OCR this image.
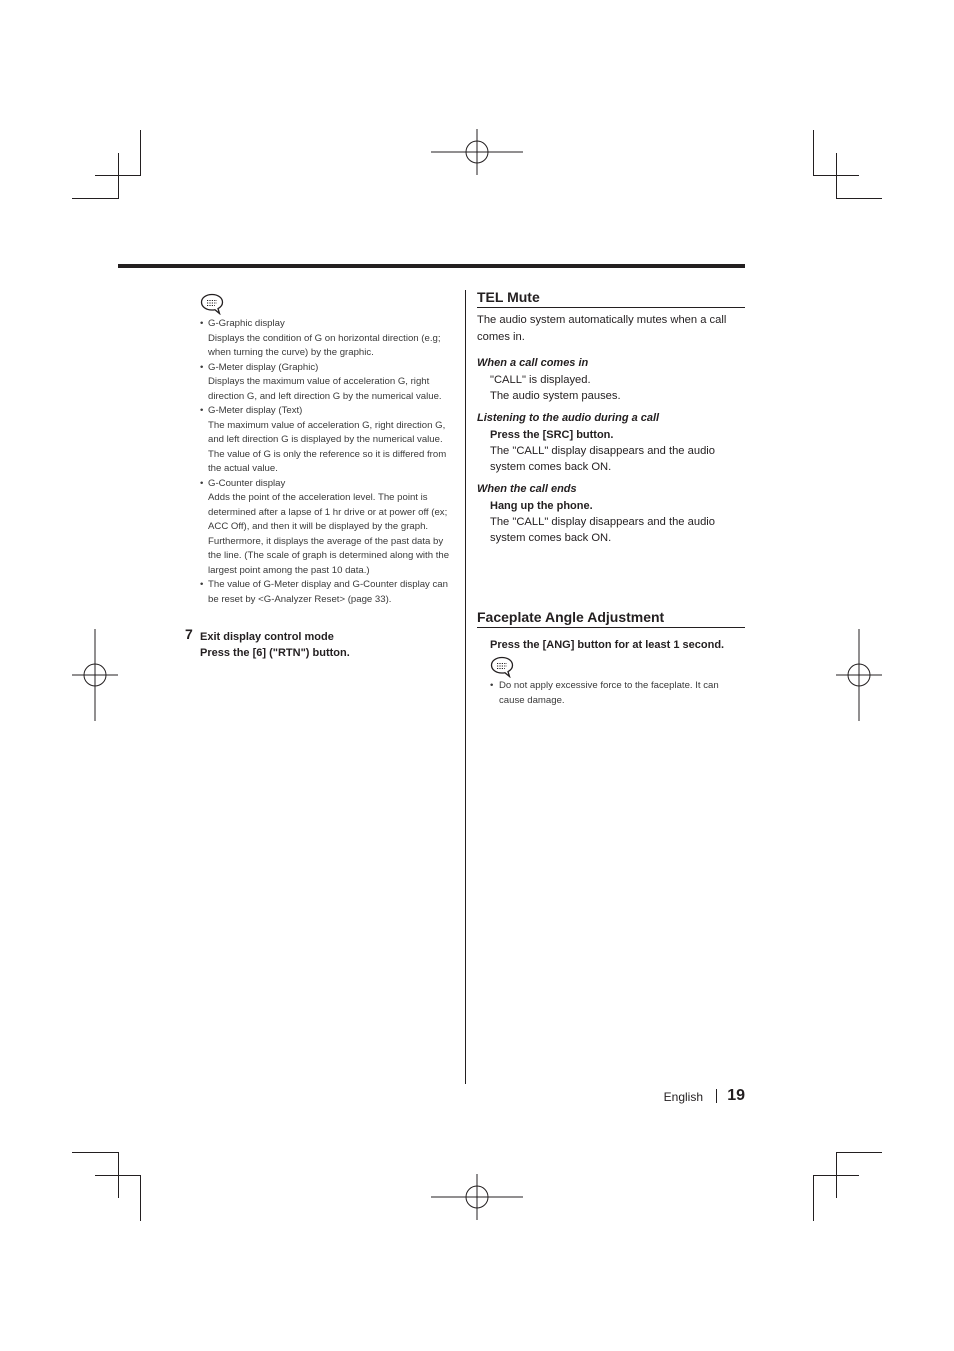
• G-Graphic display
Displays the condition of G on horizontal direction (e.g; when turning the curve) by the graphic.
• G-Meter display (Graphic)
Displays the maximum value of acceleration G, right direction G, and left direction G by the numerical value.
• G-Meter display (Text)
The maximum value of acceleration G, right direction G, and left direction G is displayed by the numerical value. The value of G is only the reference so it is differed from the actual value.
• G-Counter display
Adds the point of the acceleration level. The point is determined after a lapse of 1 hr drive or at power off (ex; ACC Off), and then it will be displayed by the graph. Furthermore, it displays the average of the past data by the line. (The scale of graph is determined along with the largest point among the past 10 data.)
• The value of G-Meter display and G-Counter display can be reset by <G-Analyzer Reset> (page 33).
7 Exit display control mode
Press the [6] ("RTN") button.
TEL Mute
The audio system automatically mutes when a call comes in.
When a call comes in
"CALL" is displayed.
The audio system pauses.
Listening to the audio during a call
Press the [SRC] button.
The "CALL" display disappears and the audio system comes back ON.
When the call ends
Hang up the phone.
The "CALL" display disappears and the audio system comes back ON.
Faceplate Angle Adjustment
Press the [ANG] button for at least 1 second.
• Do not apply excessive force to the faceplate. It can cause damage.
English 19
